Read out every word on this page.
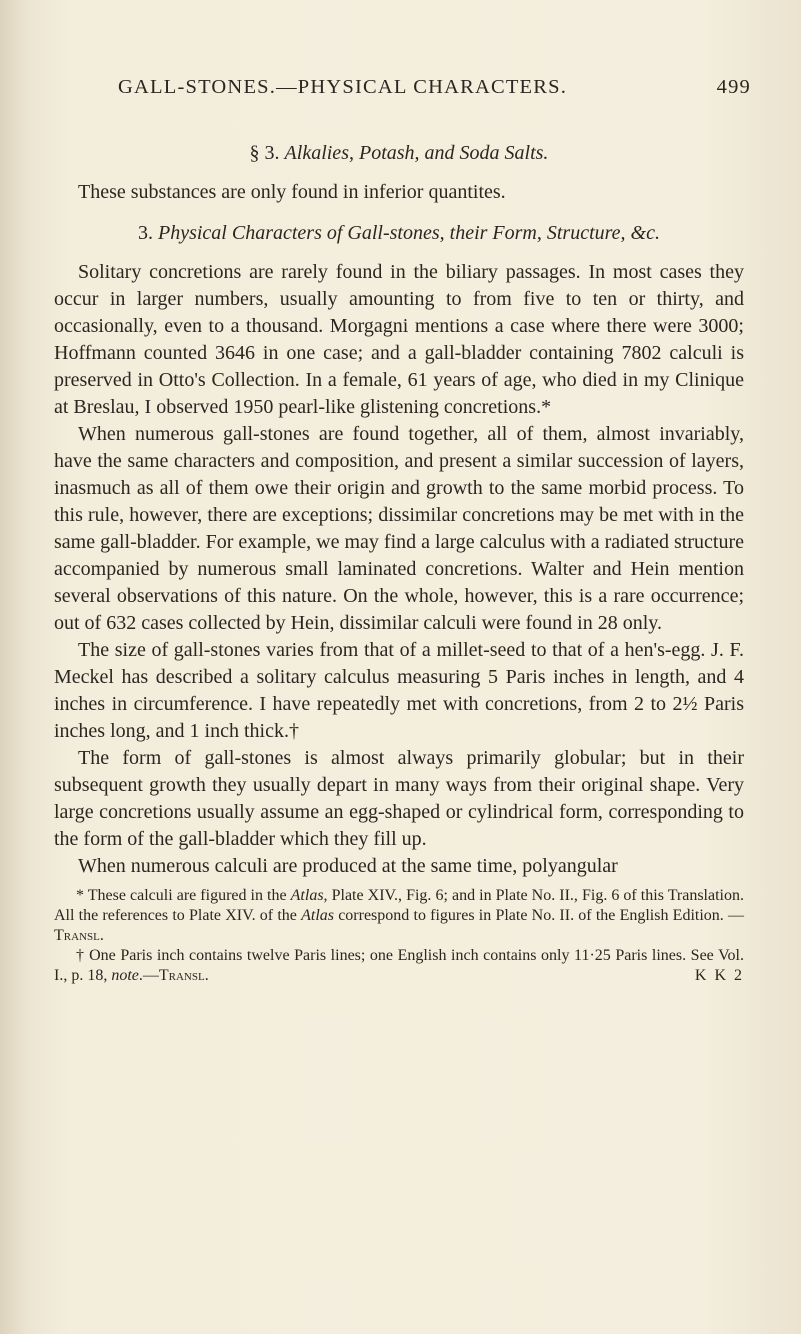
GALL-STONES.—PHYSICAL CHARACTERS.	499

§ 3. Alkalies, Potash, and Soda Salts.

These substances are only found in inferior quantites.

3. Physical Characters of Gall-stones, their Form, Structure, &c.

Solitary concretions are rarely found in the biliary passages. In most cases they occur in larger numbers, usually amounting to from five to ten or thirty, and occasionally, even to a thousand. Morgagni mentions a case where there were 3000; Hoffmann counted 3646 in one case; and a gall-bladder containing 7802 calculi is preserved in Otto's Collection. In a female, 61 years of age, who died in my Clinique at Breslau, I observed 1950 pearl-like glistening concretions.*

When numerous gall-stones are found together, all of them, almost invariably, have the same characters and composition, and present a similar succession of layers, inasmuch as all of them owe their origin and growth to the same morbid process. To this rule, however, there are exceptions; dissimilar concretions may be met with in the same gall-bladder. For example, we may find a large calculus with a radiated structure accompanied by numerous small laminated concretions. Walter and Hein mention several observations of this nature. On the whole, however, this is a rare occurrence; out of 632 cases collected by Hein, dissimilar calculi were found in 28 only.

The size of gall-stones varies from that of a millet-seed to that of a hen's-egg. J. F. Meckel has described a solitary calculus measuring 5 Paris inches in length, and 4 inches in circumference. I have repeatedly met with concretions, from 2 to 2½ Paris inches long, and 1 inch thick.†

The form of gall-stones is almost always primarily globular; but in their subsequent growth they usually depart in many ways from their original shape. Very large concretions usually assume an egg-shaped or cylindrical form, corresponding to the form of the gall-bladder which they fill up.

When numerous calculi are produced at the same time, polyangular

* These calculi are figured in the Atlas, Plate XIV., Fig. 6; and in Plate No. II., Fig. 6 of this Translation. All the references to Plate XIV. of the Atlas correspond to figures in Plate No. II. of the English Edition. —Transl.

† One Paris inch contains twelve Paris lines; one English inch contains only 11·25 Paris lines. See Vol. I., p. 18, note.—Transl.	K K 2
